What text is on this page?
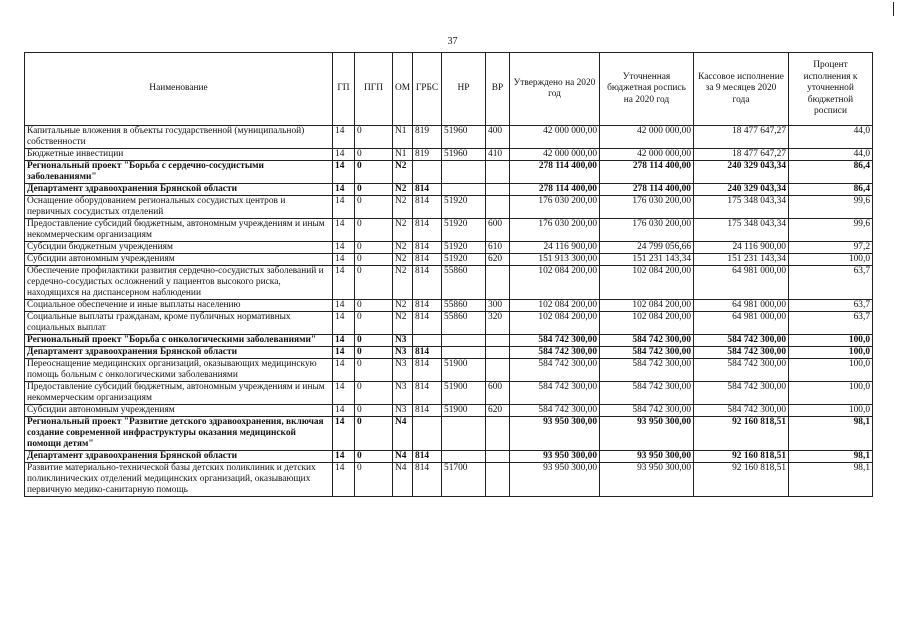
37
Наименование	ГП	ПГП	ОМ	ГРБС	НР	ВР	Утверждено на 2020 год	Уточненная бюджетная роспись на 2020 год	Кассовое исполнение за 9 месяцев 2020 года	Процент исполнения к уточненной бюджетной росписи
Капитальные вложения в объекты государственной (муниципальной) собственности	14	0	N1	819	51960	400	42 000 000,00	42 000 000,00	18 477 647,27	44,0
Бюджетные инвестиции	14	0	N1	819	51960	410	42 000 000,00	42 000 000,00	18 477 647,27	44,0
Региональный проект "Борьба с сердечно-сосудистыми заболеваниями"	14	0	N2				278 114 400,00	278 114 400,00	240 329 043,34	86,4
Департамент здравоохранения Брянской области	14	0	N2	814			278 114 400,00	278 114 400,00	240 329 043,34	86,4
Оснащение оборудованием региональных сосудистых центров и первичных сосудистых отделений	14	0	N2	814	51920		176 030 200,00	176 030 200,00	175 348 043,34	99,6
Предоставление субсидий бюджетным, автономным учреждениям и иным некоммерческим организациям	14	0	N2	814	51920	600	176 030 200,00	176 030 200,00	175 348 043,34	99,6
Субсидии бюджетным учреждениям	14	0	N2	814	51920	610	24 116 900,00	24 799 056,66	24 116 900,00	97,2
Субсидии автономным учреждениям	14	0	N2	814	51920	620	151 913 300,00	151 231 143,34	151 231 143,34	100,0
Обеспечение профилактики развития сердечно-сосудистых заболеваний и сердечно-сосудистых осложнений у пациентов высокого риска, находящихся на диспансерном наблюдении	14	0	N2	814	55860		102 084 200,00	102 084 200,00	64 981 000,00	63,7
Социальное обеспечение и иные выплаты населению	14	0	N2	814	55860	300	102 084 200,00	102 084 200,00	64 981 000,00	63,7
Социальные выплаты гражданам, кроме публичных нормативных социальных выплат	14	0	N2	814	55860	320	102 084 200,00	102 084 200,00	64 981 000,00	63,7
Региональный проект "Борьба с онкологическими заболеваниями"	14	0	N3				584 742 300,00	584 742 300,00	584 742 300,00	100,0
Департамент здравоохранения Брянской области	14	0	N3	814			584 742 300,00	584 742 300,00	584 742 300,00	100,0
Переоснащение медицинских организаций, оказывающих медицинскую помощь больным с онкологическими заболеваниями	14	0	N3	814	51900		584 742 300,00	584 742 300,00	584 742 300,00	100,0
Предоставление субсидий бюджетным, автономным учреждениям и иным некоммерческим организациям	14	0	N3	814	51900	600	584 742 300,00	584 742 300,00	584 742 300,00	100,0
Субсидии автономным учреждениям	14	0	N3	814	51900	620	584 742 300,00	584 742 300,00	584 742 300,00	100,0
Региональный проект "Развитие детского здравоохранения, включая создание современной инфраструктуры оказания медицинской помощи детям"	14	0	N4				93 950 300,00	93 950 300,00	92 160 818,51	98,1
Департамент здравоохранения Брянской области	14	0	N4	814			93 950 300,00	93 950 300,00	92 160 818,51	98,1
Развитие материально-технической базы детских поликлиник и детских поликлинических отделений медицинских организаций, оказывающих первичную медико-санитарную помощь	14	0	N4	814	51700		93 950 300,00	93 950 300,00	92 160 818,51	98,1
